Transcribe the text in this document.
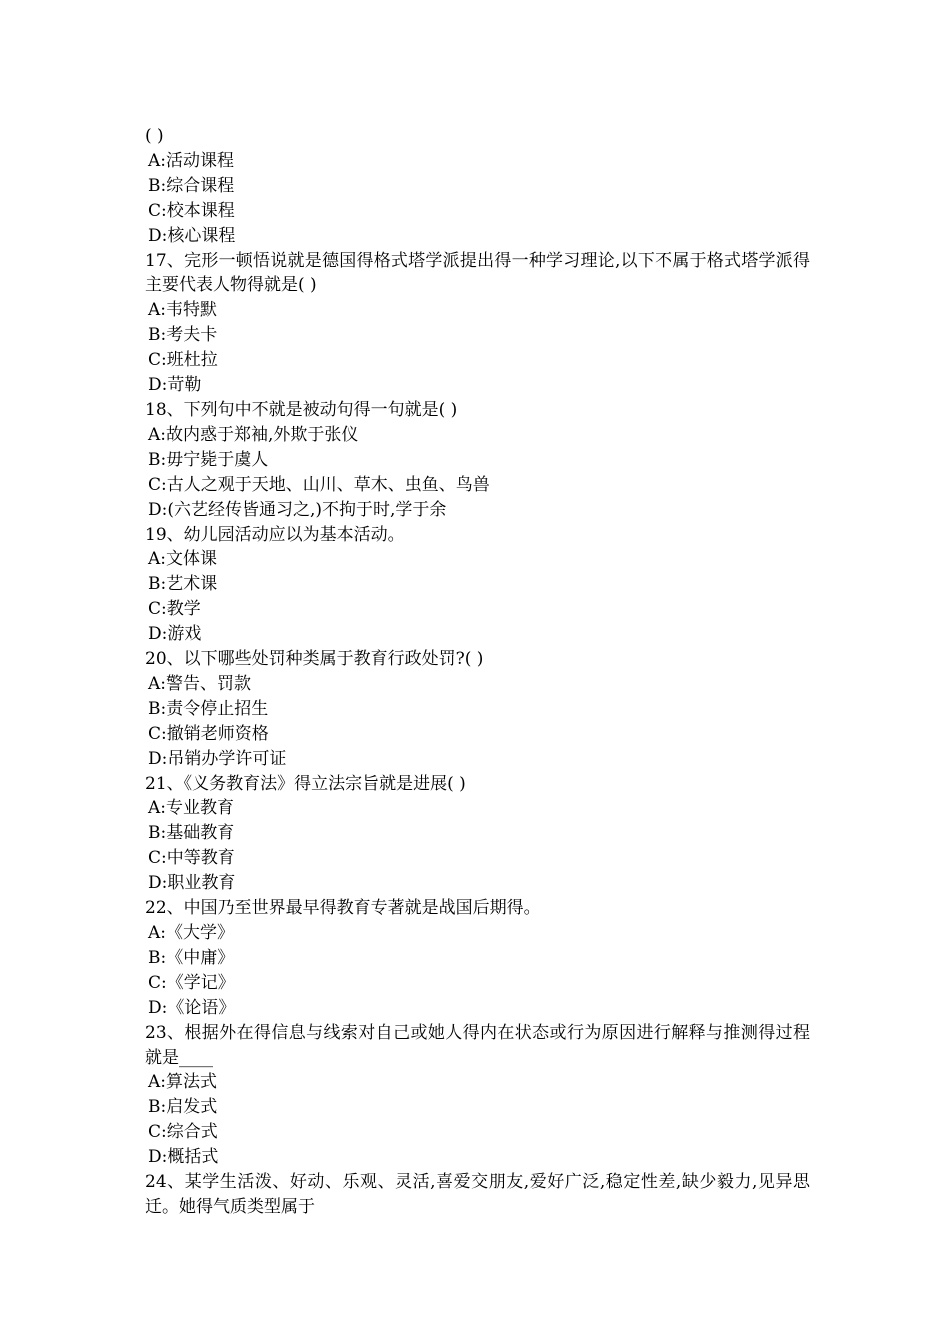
( )
A:活动课程
B:综合课程
C:校本课程
D:核心课程
17、完形一顿悟说就是德国得格式塔学派提出得一种学习理论,以下不属于格式塔学派得主要代表人物得就是( )
A:韦特默
B:考夫卡
C:班杜拉
D:苛勒
18、下列句中不就是被动句得一句就是( )
A:故内惑于郑袖,外欺于张仪
B:毋宁毙于虞人
C:古人之观于天地、山川、草木、虫鱼、鸟兽
D:(六艺经传皆通习之,)不拘于时,学于余
19、幼儿园活动应以为基本活动。
A:文体课
B:艺术课
C:教学
D:游戏
20、以下哪些处罚种类属于教育行政处罚?( )
A:警告、罚款
B:责令停止招生
C:撤销老师资格
D:吊销办学许可证
21、《义务教育法》得立法宗旨就是进展( )
A:专业教育
B:基础教育
C:中等教育
D:职业教育
22、中国乃至世界最早得教育专著就是战国后期得。
A:《大学》
B:《中庸》
C:《学记》
D:《论语》
23、根据外在得信息与线索对自己或她人得内在状态或行为原因进行解释与推测得过程就是____
A:算法式
B:启发式
C:综合式
D:概括式
24、某学生活泼、好动、乐观、灵活,喜爱交朋友,爱好广泛,稳定性差,缺少毅力,见异思迁。她得气质类型属于
